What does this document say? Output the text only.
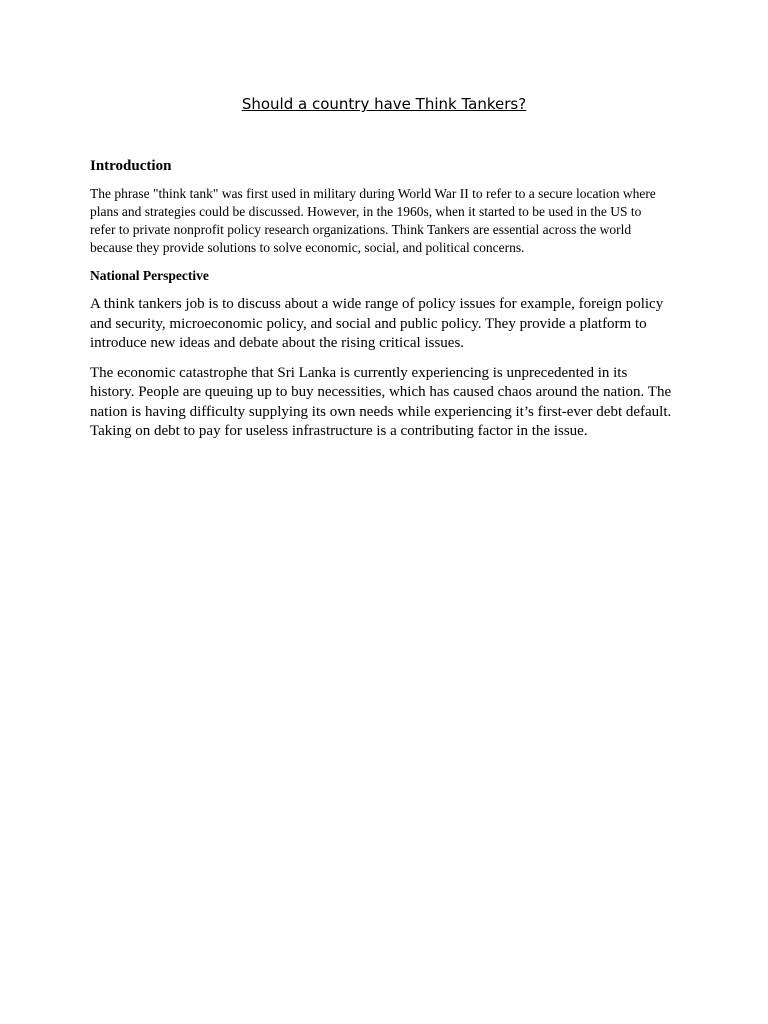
Should a country have Think Tankers?
Introduction
The phrase "think tank" was first used in military during World War II to refer to a secure location where
plans and strategies could be discussed. However, in the 1960s, when it started to be used in the US to
refer to private nonprofit policy research organizations. Think Tankers are essential across the world
because they provide solutions to solve economic, social, and political concerns.
National Perspective
A think tankers job is to discuss about a wide range of policy issues for example, foreign policy
and security, microeconomic policy, and social and public policy. They provide a platform to
introduce new ideas and debate about the rising critical issues.
The economic catastrophe that Sri Lanka is currently experiencing is unprecedented in its
history. People are queuing up to buy necessities, which has caused chaos around the nation. The
nation is having difficulty supplying its own needs while experiencing it’s first-ever debt default.
Taking on debt to pay for useless infrastructure is a contributing factor in the issue.
